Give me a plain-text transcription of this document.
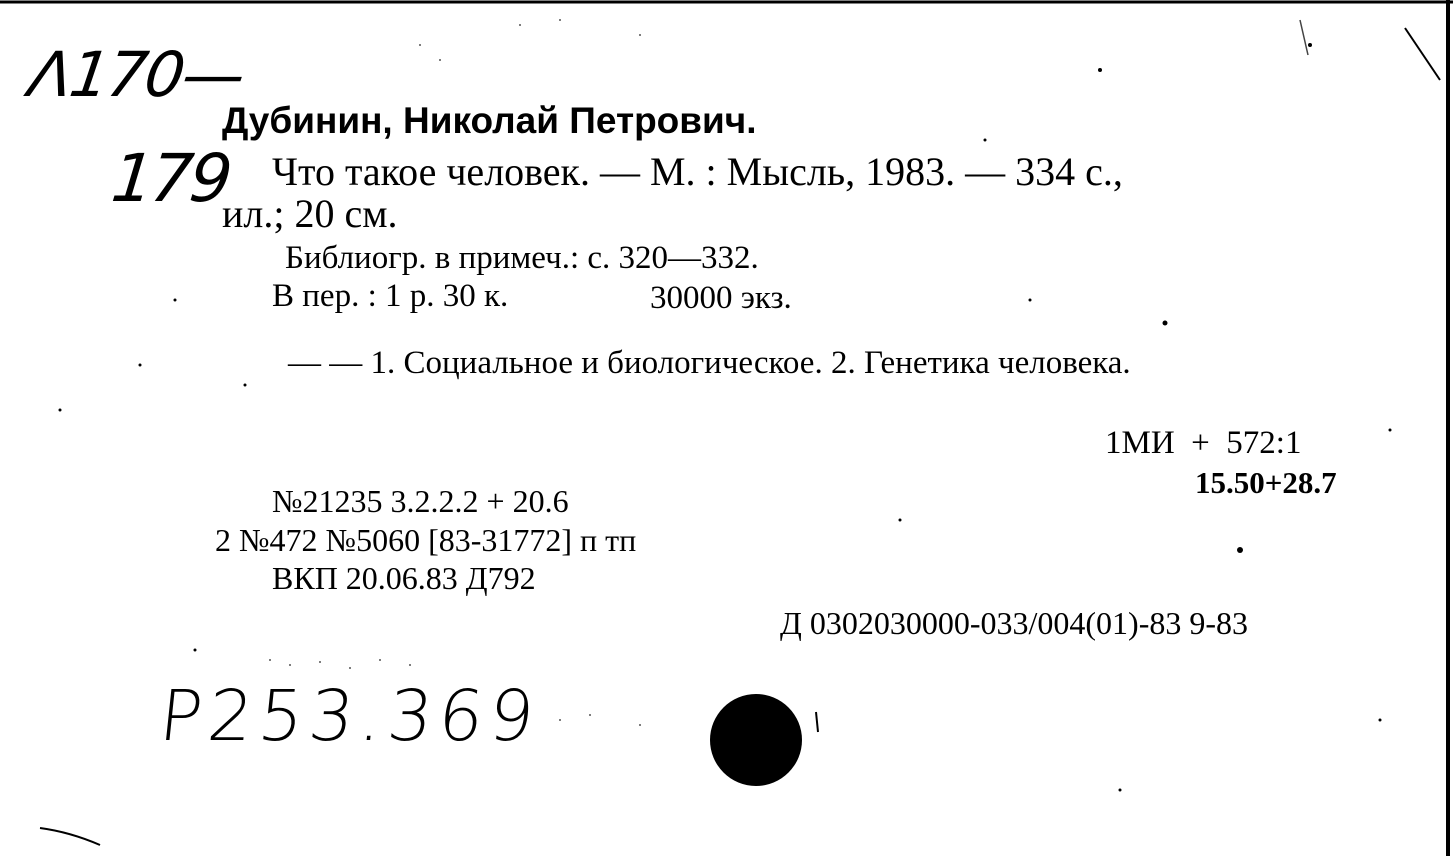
Λ170—
179
Дубинин, Николай Петрович.
Что такое человек. — М. : Мысль, 1983. — 334 с.,
ил.; 20 см.
Библиогр. в примеч.: с. 320—332.
В пер. : 1 р. 30 к.	30000 экз.
— — 1. Социальное и биологическое. 2. Генетика человека.
1МИ  +  572:1
15.50+28.7
№21235 3.2.2.2 + 20.6
2 №472 №5060 [83-31772] п тп
ВКП 20.06.83 Д792
Д 0302030000-033/004(01)-83 9-83
P253.369
